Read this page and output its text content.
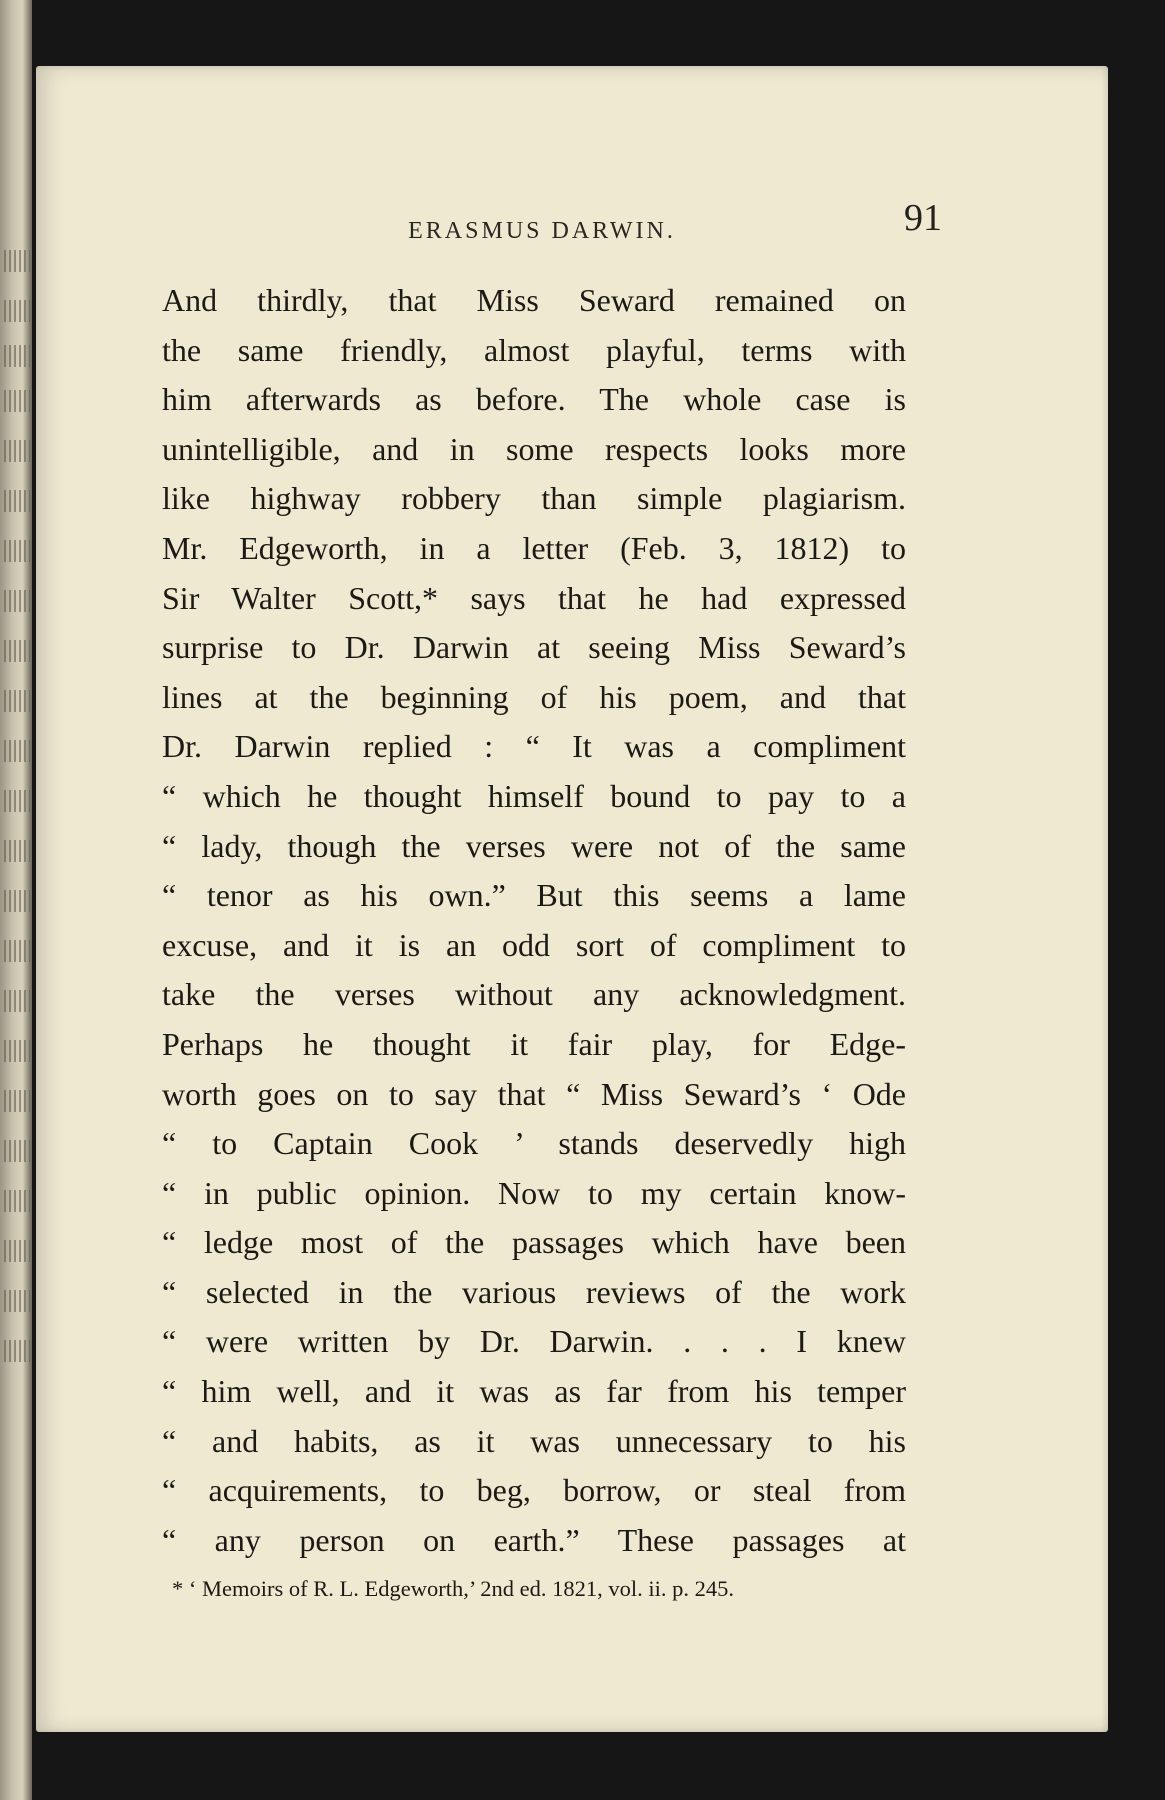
ERASMUS DARWIN.	91
And thirdly, that Miss Seward remained on
the same friendly, almost playful, terms with
him afterwards as before. The whole case is
unintelligible, and in some respects looks more
like highway robbery than simple plagiarism.
Mr. Edgeworth, in a letter (Feb. 3, 1812) to
Sir Walter Scott,* says that he had expressed
surprise to Dr. Darwin at seeing Miss Seward’s
lines at the beginning of his poem, and that
Dr. Darwin replied : “ It was a compliment
“ which he thought himself bound to pay to a
“ lady, though the verses were not of the same
“ tenor as his own.” But this seems a lame
excuse, and it is an odd sort of compliment to
take the verses without any acknowledgment.
Perhaps he thought it fair play, for Edge-
worth goes on to say that “ Miss Seward’s ‘ Ode
“ to Captain Cook ’ stands deservedly high
“ in public opinion. Now to my certain know-
“ ledge most of the passages which have been
“ selected in the various reviews of the work
“ were written by Dr. Darwin. . . . I knew
“ him well, and it was as far from his temper
“ and habits, as it was unnecessary to his
“ acquirements, to beg, borrow, or steal from
“ any person on earth.” These passages at
* ‘ Memoirs of R. L. Edgeworth,’ 2nd ed. 1821, vol. ii. p. 245.
